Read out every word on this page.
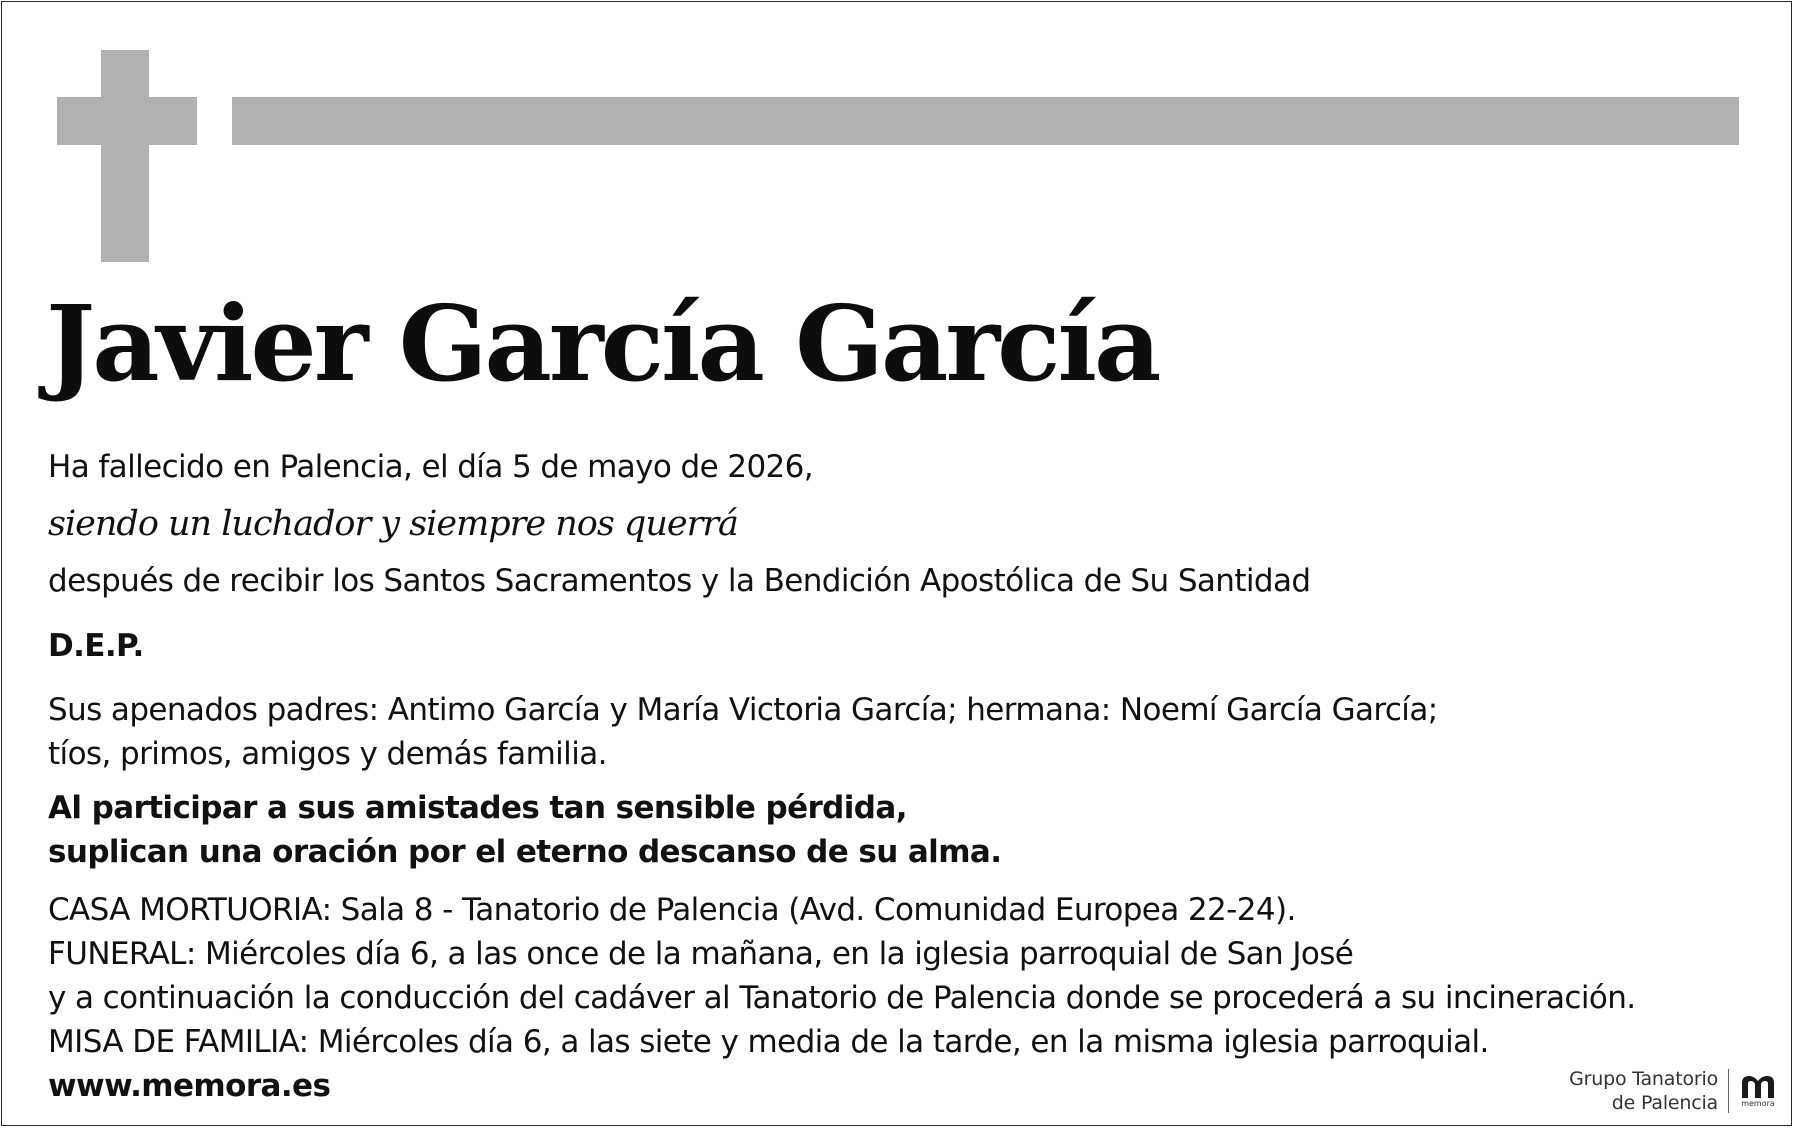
Javier García García

Ha fallecido en Palencia, el día 5 de mayo de 2026,

siendo un luchador y siempre nos querrá

después de recibir los Santos Sacramentos y la Bendición Apostólica de Su Santidad

D.E.P.

Sus apenados padres: Antimo García y María Victoria García; hermana: Noemí García García;
tíos, primos, amigos y demás familia.

Al participar a sus amistades tan sensible pérdida,
suplican una oración por el eterno descanso de su alma.

CASA MORTUORIA: Sala 8 - Tanatorio de Palencia (Avd. Comunidad Europea 22-24).
FUNERAL: Miércoles día 6, a las once de la mañana, en la iglesia parroquial de San José
y a continuación la conducción del cadáver al Tanatorio de Palencia donde se procederá a su incineración.
MISA DE FAMILIA: Miércoles día 6, a las siete y media de la tarde, en la misma iglesia parroquial.
www.memora.es	Grupo Tanatorio
de Palencia	memora
